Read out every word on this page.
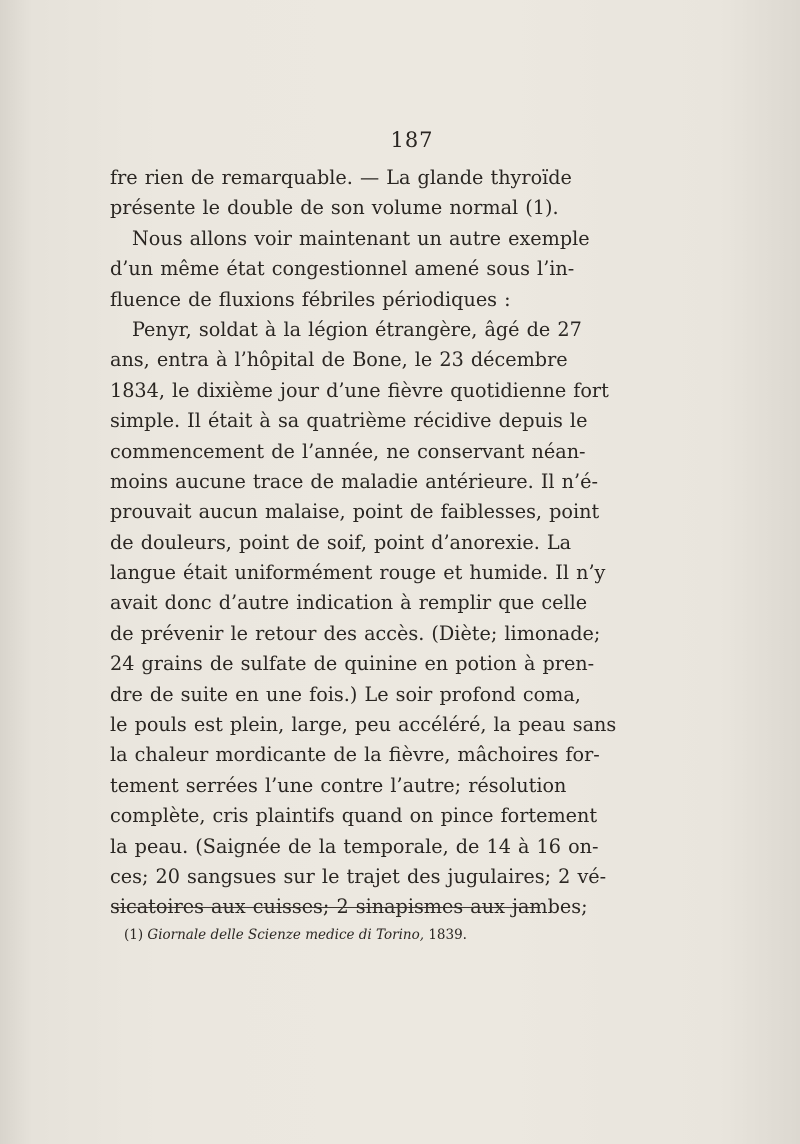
187
fre rien de remarquable. — La glande thyroïde
présente le double de son volume normal (1).
Nous allons voir maintenant un autre exemple
d’un même état congestionnel amené sous l’in-
fluence de fluxions fébriles périodiques :
Penyr, soldat à la légion étrangère, âgé de 27
ans, entra à l’hôpital de Bone, le 23 décembre
1834, le dixième jour d’une fièvre quotidienne fort
simple. Il était à sa quatrième récidive depuis le
commencement de l’année, ne conservant néan-
moins aucune trace de maladie antérieure. Il n’é-
prouvait aucun malaise, point de faiblesses, point
de douleurs, point de soif, point d’anorexie. La
langue était uniformément rouge et humide. Il n’y
avait donc d’autre indication à remplir que celle
de prévenir le retour des accès. (Diète; limonade;
24 grains de sulfate de quinine en potion à pren-
dre de suite en une fois.) Le soir profond coma,
le pouls est plein, large, peu accéléré, la peau sans
la chaleur mordicante de la fièvre, mâchoires for-
tement serrées l’une contre l’autre; résolution
complète, cris plaintifs quand on pince fortement
la peau. (Saignée de la temporale, de 14 à 16 on-
ces; 20 sangsues sur le trajet des jugulaires; 2 vé-
sicatoires aux cuisses; 2 sinapismes aux jambes;
(1) Giornale delle Scienze medice di Torino, 1839.
